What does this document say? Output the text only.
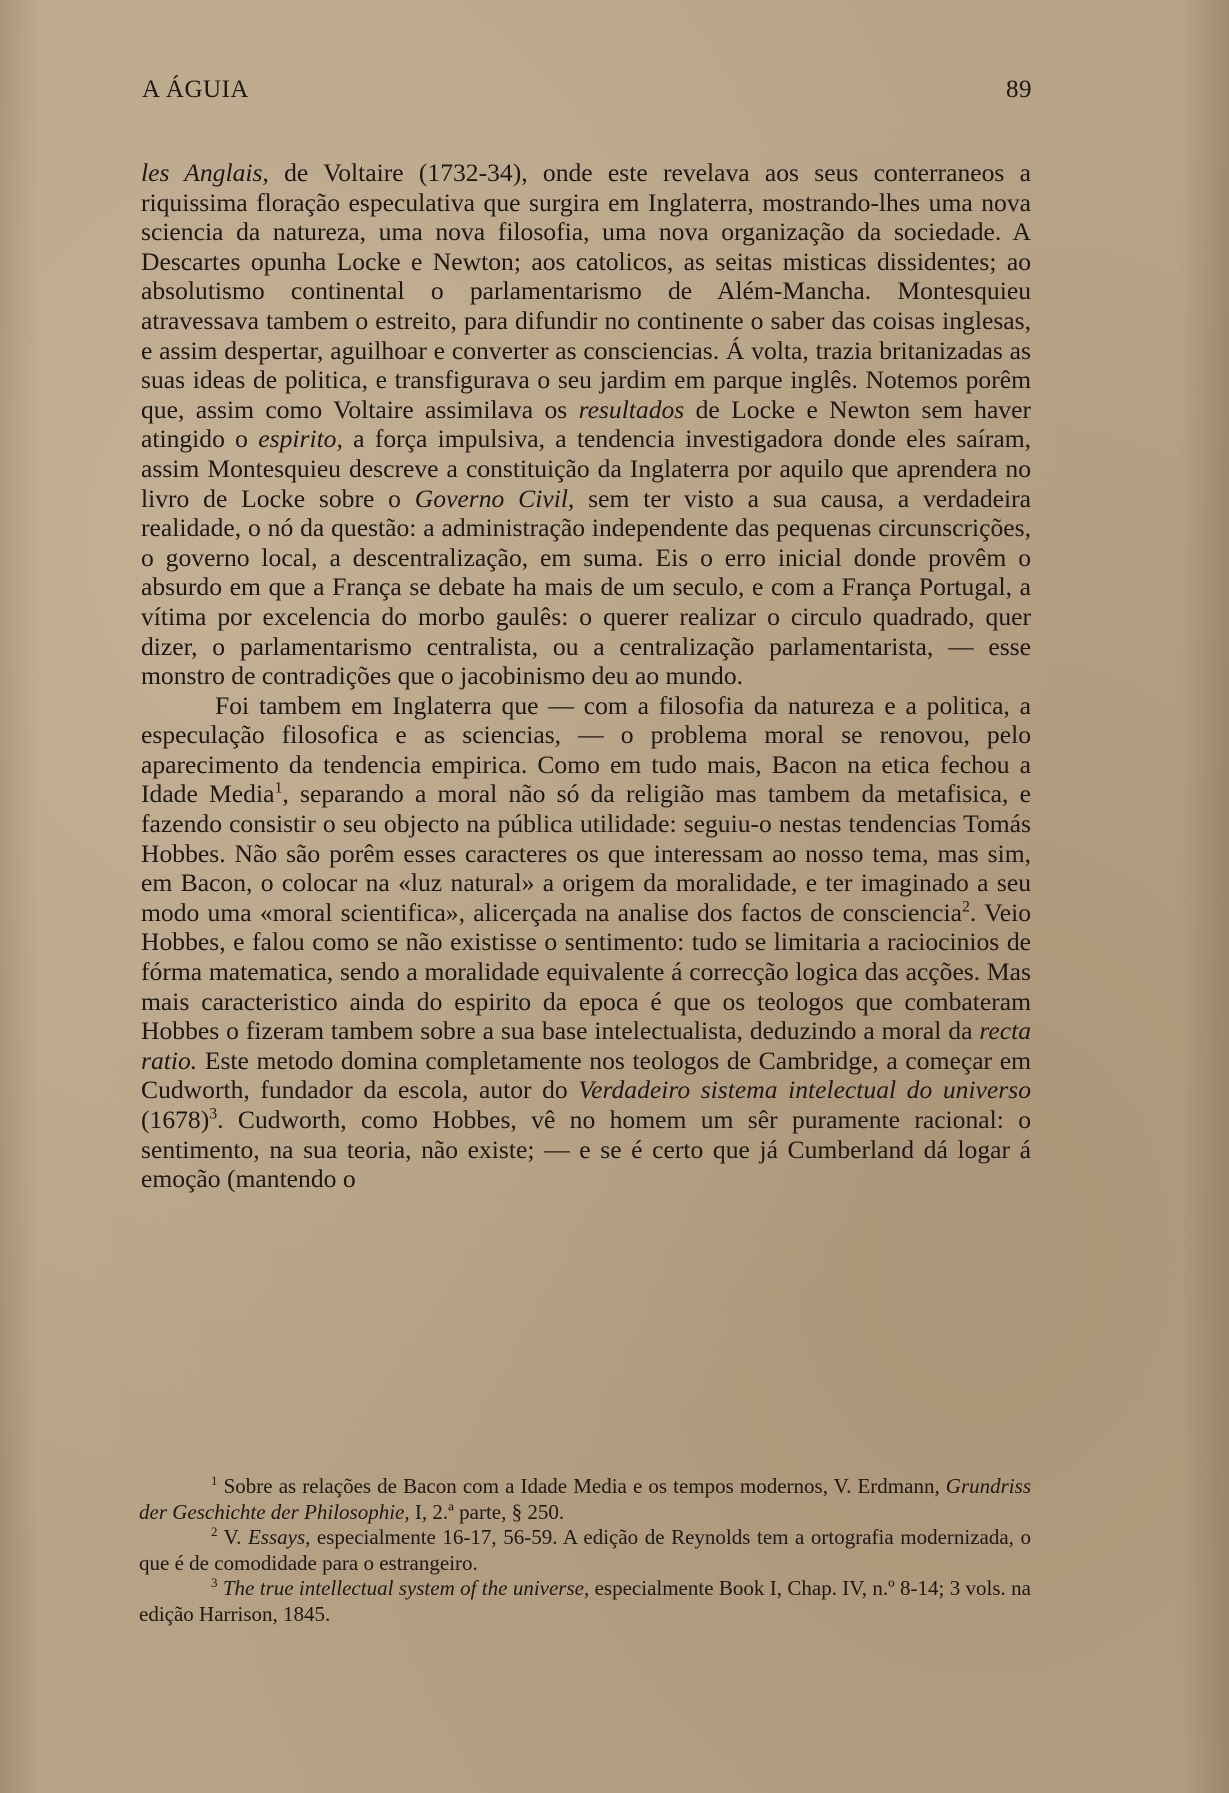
A ÁGUIA	89

les Anglais, de Voltaire (1732-34), onde este revelava aos seus conterraneos a riquissima floração especulativa que surgira em Inglaterra, mostrando-lhes uma nova sciencia da natureza, uma nova filosofia, uma nova organização da sociedade. A Descartes opunha Locke e Newton; aos catolicos, as seitas misticas dissidentes; ao absolutismo continental o parlamentarismo de Além-Mancha. Montesquieu atravessava tambem o estreito, para difundir no continente o saber das coisas inglesas, e assim despertar, aguilhoar e converter as consciencias. Á volta, trazia britanizadas as suas ideas de politica, e transfigurava o seu jardim em parque inglês. Notemos porêm que, assim como Voltaire assimilava os resultados de Locke e Newton sem haver atingido o espirito, a força impulsiva, a tendencia investigadora donde eles saíram, assim Montesquieu descreve a constituição da Inglaterra por aquilo que aprendera no livro de Locke sobre o Governo Civil, sem ter visto a sua causa, a verdadeira realidade, o nó da questão: a administração independente das pequenas circunscrições, o governo local, a descentralização, em suma. Eis o erro inicial donde provêm o absurdo em que a França se debate ha mais de um seculo, e com a França Portugal, a vítima por excelencia do morbo gaulês: o querer realizar o circulo quadrado, quer dizer, o parlamentarismo centralista, ou a centralização parlamentarista, — esse monstro de contradições que o jacobinismo deu ao mundo.

Foi tambem em Inglaterra que — com a filosofia da natureza e a politica, a especulação filosofica e as sciencias, — o problema moral se renovou, pelo aparecimento da tendencia empirica. Como em tudo mais, Bacon na etica fechou a Idade Media$^1$, separando a moral não só da religião mas tambem da metafisica, e fazendo consistir o seu objecto na pública utilidade: seguiu-o nestas tendencias Tomás Hobbes. Não são porêm esses caracteres os que interessam ao nosso tema, mas sim, em Bacon, o colocar na «luz natural» a origem da moralidade, e ter imaginado a seu modo uma «moral scientifica», alicerçada na analise dos factos de consciencia$^2$. Veio Hobbes, e falou como se não existisse o sentimento: tudo se limitaria a raciocinios de fórma matematica, sendo a moralidade equivalente á correcção logica das acções. Mas mais caracteristico ainda do espirito da epoca é que os teologos que combateram Hobbes o fizeram tambem sobre a sua base intelectualista, deduzindo a moral da recta ratio. Este metodo domina completamente nos teologos de Cambridge, a começar em Cudworth, fundador da escola, autor do Verdadeiro sistema intelectual do universo $(1678)^3$. Cudworth, como Hobbes, vê no homem um sêr puramente racional: o sentimento, na sua teoria, não existe; — e se é certo que já Cumberland dá logar á emoção (mantendo o

$^1$ Sobre as relações de Bacon com a Idade Media e os tempos modernos, V. Erdmann, Grundriss der Geschichte der Philosophie, I, 2.ª parte, § 250.

$^2$ V. Essays, especialmente 16-17, 56-59. A edição de Reynolds tem a ortografia modernizada, o que é de comodidade para o estrangeiro.

$^3$ The true intellectual system of the universe, especialmente Book I, Chap. IV, n.º 8-14; 3 vols. na edição Harrison, 1845.
